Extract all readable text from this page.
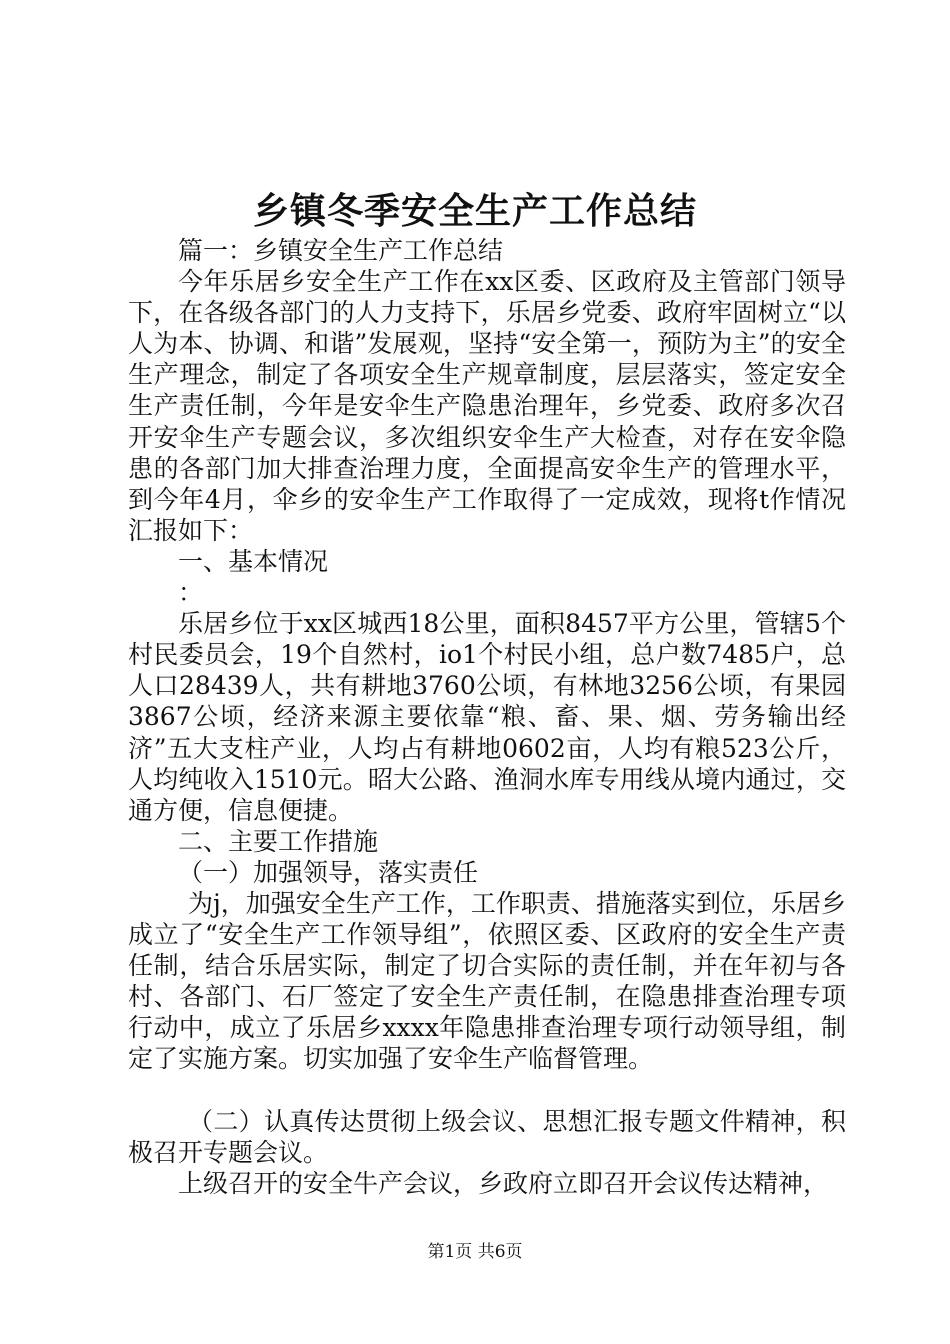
乡镇冬季安全生产工作总结

篇一：乡镇安全生产工作总结

今年乐居乡安全生产工作在xx区委、区政府及主管部门领导下，在各级各部门的人力支持下，乐居乡党委、政府牢固树立“以人为本、协调、和谐”发展观，坚持“安全第一，预防为主”的安全生产理念，制定了各项安全生产规章制度，层层落实，签定安全生产责任制，今年是安伞生产隐患治理年，乡党委、政府多次召开安伞生产专题会议，多次组织安伞生产大检查，对存在安伞隐患的各部门加大排查治理力度，全面提高安伞生产的管理水平，到今年4月，伞乡的安伞生产工作取得了一定成效，现将t作情况汇报如下：

一、基本情况

：

乐居乡位于xx区城西18公里，面积8457平方公里，管辖5个村民委员会，19个自然村，io1个村民小组，总户数7485户，总人口28439人，共有耕地3760公顷，有林地3256公顷，有果园3867公顷，经济来源主要依靠“粮、畜、果、烟、劳务输出经济”五大支柱产业，人均占有耕地0602亩，人均有粮523公斤，人均纯收入1510元。昭大公路、渔洞水库专用线从境内通过，交通方便，信息便捷。

二、主要工作措施

（一）加强领导，落实责任

为j，加强安全生产工作，工作职责、措施落实到位，乐居乡成立了“安全生产工作领导组”，依照区委、区政府的安全生产责任制，结合乐居实际，制定了切合实际的责任制，并在年初与各村、各部门、石厂签定了安全生产责任制，在隐患排查治理专项行动中，成立了乐居乡xxxx年隐患排查治理专项行动领导组，制定了实施方案。切实加强了安伞生产临督管理。

（二）认真传达贯彻上级会议、思想汇报专题文件精神，积极召开专题会议。

上级召开的安全牛产会议，乡政府立即召开会议传达精神，

第1页 共6页
